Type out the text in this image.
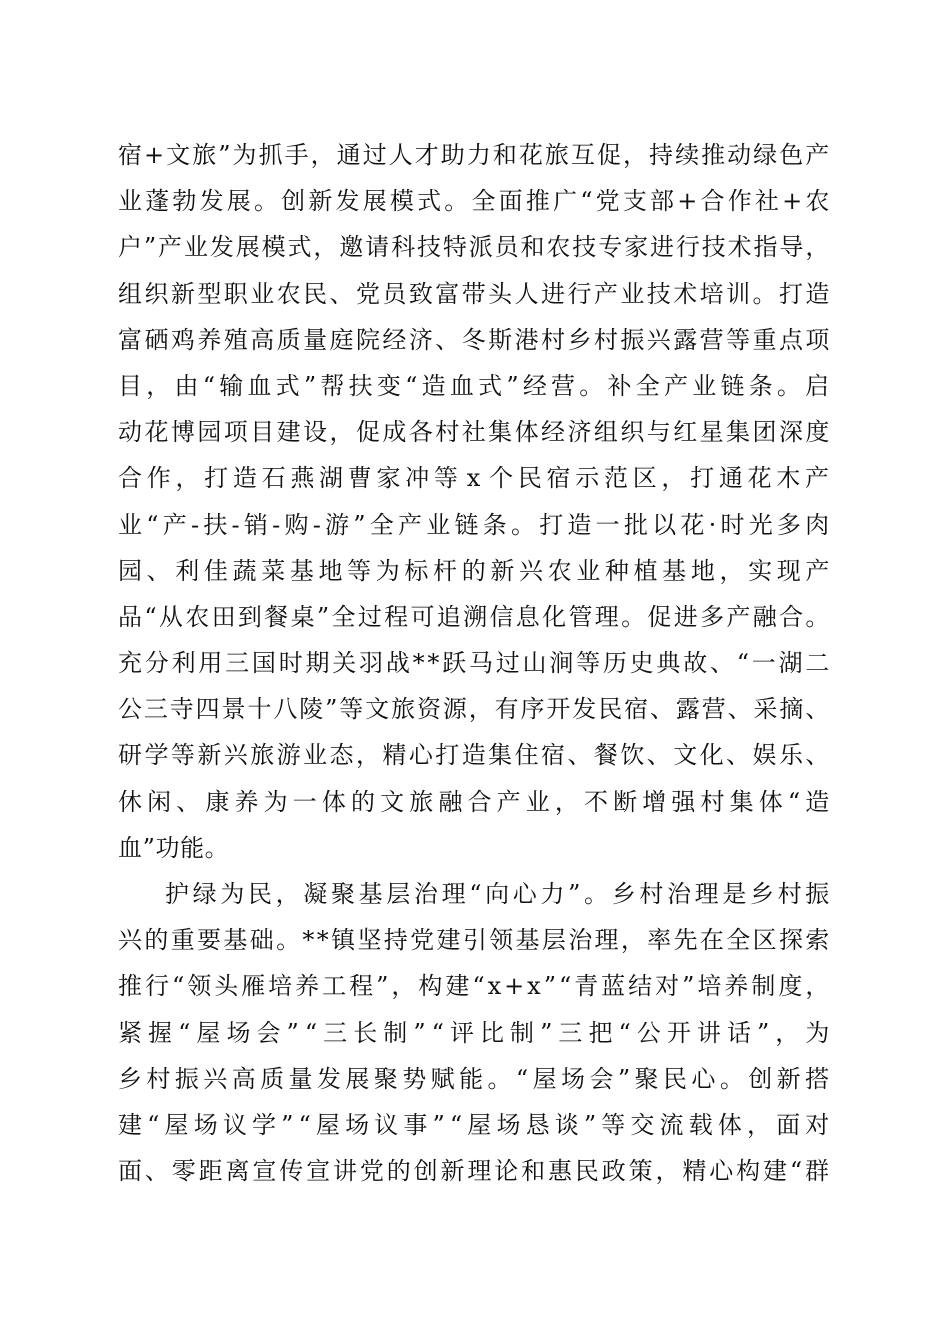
宿 + 文 旅 ” 为 抓 手 ， 通 过 人 才 助 力 和 花 旅 互 促 ， 持 续 推 动 绿 色 产
业 蓬 勃 发 展 。 创 新 发 展 模 式 。 全 面 推 广 “ 党 支 部 + 合 作 社 + 农
户 ” 产 业 发 展 模 式 ， 邀 请 科 技 特 派 员 和 农 技 专 家 进 行 技 术 指 导 ，
组 织 新 型 职 业 农 民 、 党 员 致 富 带 头 人 进 行 产 业 技 术 培 训 。 打 造
富 硒 鸡 养 殖 高 质 量 庭 院 经 济 、 冬 斯 港 村 乡 村 振 兴 露 营 等 重 点 项
目 ， 由 “ 输 血 式 ” 帮 扶 变 “ 造 血 式 ” 经 营 。 补 全 产 业 链 条 。 启
动 花 博 园 项 目 建 设 ， 促 成 各 村 社 集 体 经 济 组 织 与 红 星 集 团 深 度
合 作 ， 打 造 石 燕 湖 曹 家 冲 等 x 个 民 宿 示 范 区 ， 打 通 花 木 产
业 “ 产 - 扶 - 销 - 购 - 游 ” 全 产 业 链 条 。 打 造 一 批 以 花 · 时 光 多 肉
园 、 利 佳 蔬 菜 基 地 等 为 标 杆 的 新 兴 农 业 种 植 基 地 ， 实 现 产
品 “ 从 农 田 到 餐 桌 ” 全 过 程 可 追 溯 信 息 化 管 理 。 促 进 多 产 融 合 。
充 分 利 用 三 国 时 期 关 羽 战 * * 跃 马 过 山 涧 等 历 史 典 故 、 “ 一 湖 二
公 三 寺 四 景 十 八 陵 ” 等 文 旅 资 源 ， 有 序 开 发 民 宿 、 露 营 、 采 摘 、
研 学 等 新 兴 旅 游 业 态 ， 精 心 打 造 集 住 宿 、 餐 饮 、 文 化 、 娱 乐 、
休 闲 、 康 养 为 一 体 的 文 旅 融 合 产 业 ， 不 断 增 强 村 集 体 “ 造
血”功能。
护 绿 为 民 ， 凝 聚 基 层 治 理 “ 向 心 力 ” 。 乡 村 治 理 是 乡 村 振
兴 的 重 要 基 础 。 * * 镇 坚 持 党 建 引 领 基 层 治 理 ， 率 先 在 全 区 探 索
推 行 “ 领 头 雁 培 养 工 程 ” ， 构 建 “ x + x ” “ 青 蓝 结 对 ” 培 养 制 度 ，
紧 握 “ 屋 场 会 ” “ 三 长 制 ” “ 评 比 制 ” 三 把 “ 公 开 讲 话 ” ， 为
乡 村 振 兴 高 质 量 发 展 聚 势 赋 能 。 “ 屋 场 会 ” 聚 民 心 。 创 新 搭
建 “ 屋 场 议 学 ” “ 屋 场 议 事 ” “ 屋 场 恳 谈 ” 等 交 流 载 体 ， 面 对
面 、 零 距 离 宣 传 宣 讲 党 的 创 新 理 论 和 惠 民 政 策 ， 精 心 构 建 “ 群
